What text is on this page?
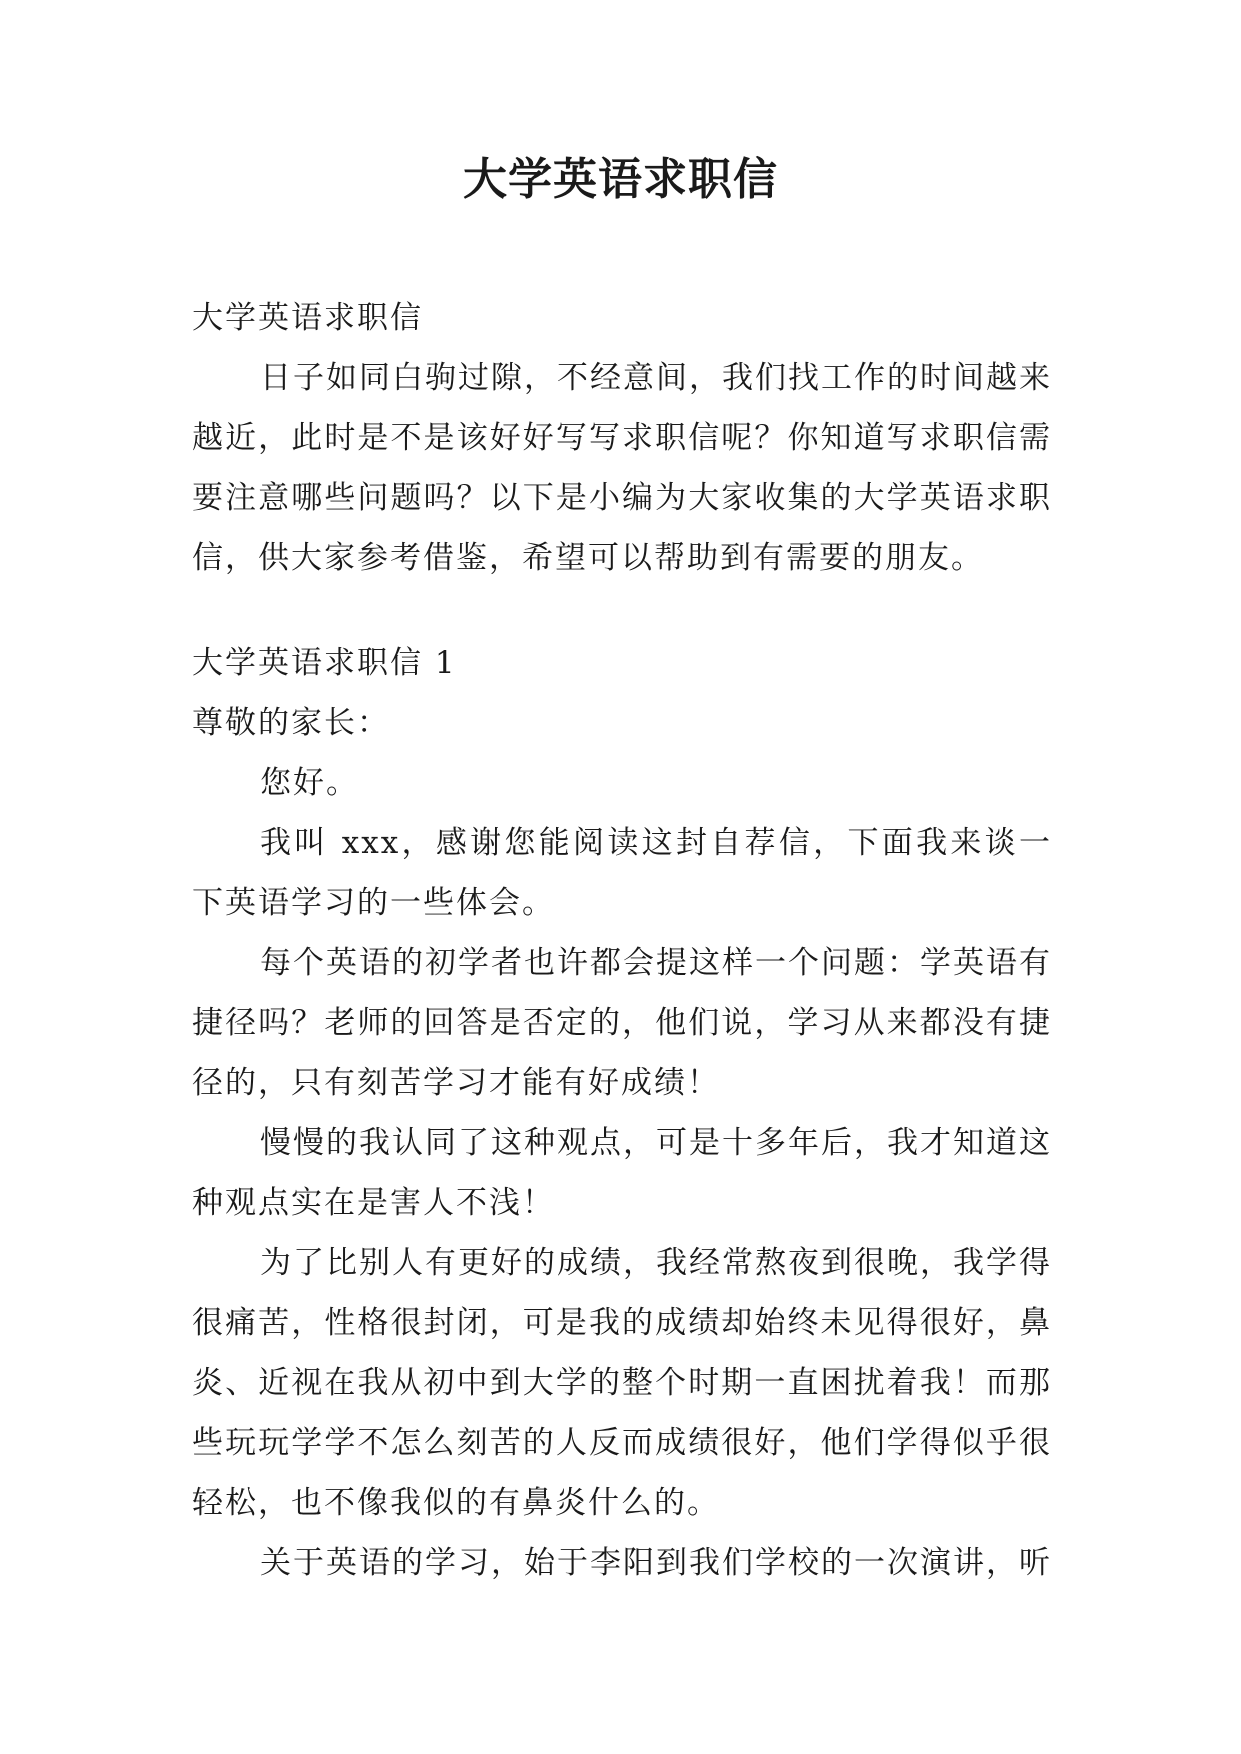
大学英语求职信

大学英语求职信

日子如同白驹过隙，不经意间，我们找工作的时间越来越近，此时是不是该好好写写求职信呢？你知道写求职信需要注意哪些问题吗？以下是小编为大家收集的大学英语求职信，供大家参考借鉴，希望可以帮助到有需要的朋友。

大学英语求职信 1

尊敬的家长：

您好。

我叫 xxx，感谢您能阅读这封自荐信，下面我来谈一下英语学习的一些体会。

每个英语的初学者也许都会提这样一个问题：学英语有捷径吗？老师的回答是否定的，他们说，学习从来都没有捷径的，只有刻苦学习才能有好成绩！

慢慢的我认同了这种观点，可是十多年后，我才知道这种观点实在是害人不浅！

为了比别人有更好的成绩，我经常熬夜到很晚，我学得很痛苦，性格很封闭，可是我的成绩却始终未见得很好，鼻炎、近视在我从初中到大学的整个时期一直困扰着我！而那些玩玩学学不怎么刻苦的人反而成绩很好，他们学得似乎很轻松，也不像我似的有鼻炎什么的。

关于英语的学习，始于李阳到我们学校的一次演讲，听
